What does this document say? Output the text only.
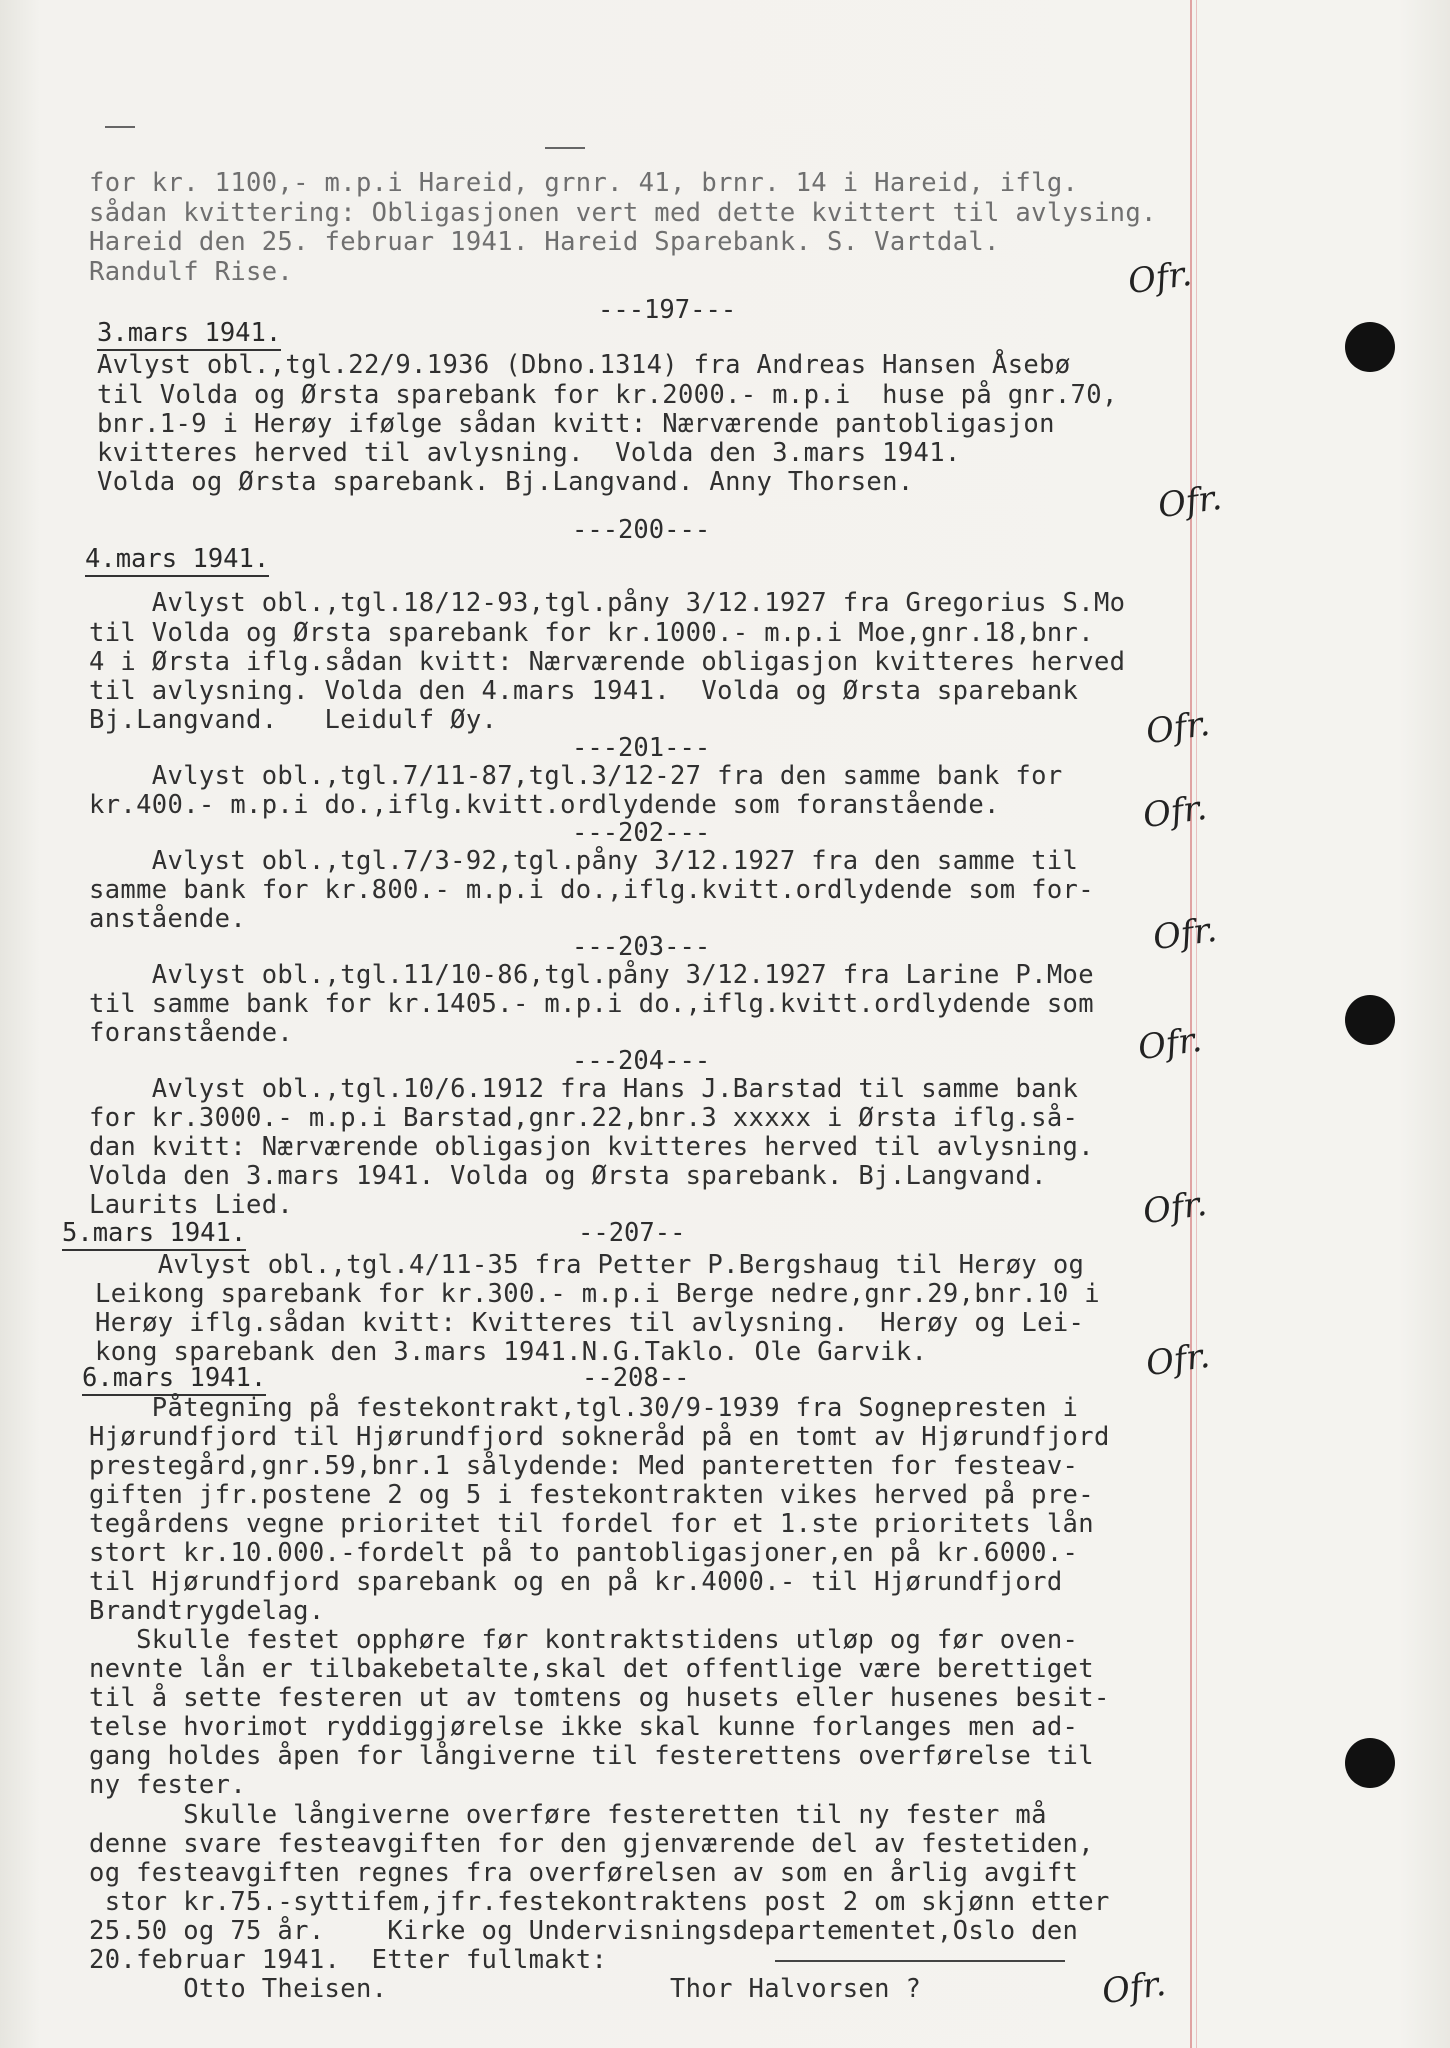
for kr. 1100,- m.p.i Hareid, grnr. 41, brnr. 14 i Hareid, iflg.
sådan kvittering: Obligasjonen vert med dette kvittert til avlysing.
Hareid den 25. februar 1941. Hareid Sparebank. S. Vartdal.
Randulf Rise.	Ofr.
---197---
3.mars 1941.
Avlyst obl.,tgl.22/9.1936 (Dbno.1314) fra Andreas Hansen Åsebø
til Volda og Ørsta sparebank for kr.2000.- m.p.i  huse på gnr.70,
bnr.1-9 i Herøy ifølge sådan kvitt: Nærværende pantobligasjon
kvitteres herved til avlysning.  Volda den 3.mars 1941.
Volda og Ørsta sparebank. Bj.Langvand. Anny Thorsen.	Ofr.
---200---
4.mars 1941.
Avlyst obl.,tgl.18/12-93,tgl.påny 3/12.1927 fra Gregorius S.Mo
til Volda og Ørsta sparebank for kr.1000.- m.p.i Moe,gnr.18,bnr.
4 i Ørsta iflg.sådan kvitt: Nærværende obligasjon kvitteres herved
til avlysning. Volda den 4.mars 1941.  Volda og Ørsta sparebank
Bj.Langvand.   Leidulf Øy.	Ofr.
---201---
Avlyst obl.,tgl.7/11-87,tgl.3/12-27 fra den samme bank for
kr.400.- m.p.i do.,iflg.kvitt.ordlydende som foranstående.	Ofr.
---202---
Avlyst obl.,tgl.7/3-92,tgl.påny 3/12.1927 fra den samme til
samme bank for kr.800.- m.p.i do.,iflg.kvitt.ordlydende som for-
anstående.	Ofr.
---203---
Avlyst obl.,tgl.11/10-86,tgl.påny 3/12.1927 fra Larine P.Moe
til samme bank for kr.1405.- m.p.i do.,iflg.kvitt.ordlydende som
foranstående.	Ofr.
---204---
Avlyst obl.,tgl.10/6.1912 fra Hans J.Barstad til samme bank
for kr.3000.- m.p.i Barstad,gnr.22,bnr.3 xxxxx i Ørsta iflg.så-
dan kvitt: Nærværende obligasjon kvitteres herved til avlysning.
Volda den 3.mars 1941. Volda og Ørsta sparebank. Bj.Langvand.
Laurits Lied.	Ofr.
5.mars 1941.	--207--
Avlyst obl.,tgl.4/11-35 fra Petter P.Bergshaug til Herøy og
Leikong sparebank for kr.300.- m.p.i Berge nedre,gnr.29,bnr.10 i
Herøy iflg.sådan kvitt: Kvitteres til avlysning.  Herøy og Lei-
kong sparebank den 3.mars 1941.N.G.Taklo. Ole Garvik.	Ofr.
6.mars 1941.	--208--
Påtegning på festekontrakt,tgl.30/9-1939 fra Sognepresten i
Hjørundfjord til Hjørundfjord sokneråd på en tomt av Hjørundfjord
prestegård,gnr.59,bnr.1 sålydende: Med panteretten for festeav-
giften jfr.postene 2 og 5 i festekontrakten vikes herved på pre-
tegårdens vegne prioritet til fordel for et 1.ste prioritets lån
stort kr.10.000.-fordelt på to pantobligasjoner,en på kr.6000.-
til Hjørundfjord sparebank og en på kr.4000.- til Hjørundfjord
Brandtrygdelag.
Skulle festet opphøre før kontraktstidens utløp og før oven-
nevnte lån er tilbakebetalte,skal det offentlige være berettiget
til å sette festeren ut av tomtens og husets eller husenes besit-
telse hvorimot ryddiggjørelse ikke skal kunne forlanges men ad-
gang holdes åpen for långiverne til festerettens overførelse til
ny fester.
Skulle långiverne overføre festeretten til ny fester må
denne svare festeavgiften for den gjenværende del av festetiden,
og festeavgiften regnes fra overførelsen av som en årlig avgift
stor kr.75.-syttifem,jfr.festekontraktens post 2 om skjønn etter
25.50 og 75 år.    Kirke og Undervisningsdepartementet,Oslo den
20.februar 1941.  Etter fullmakt:
Otto Theisen.                  Thor Halvorsen ?	Ofr.
